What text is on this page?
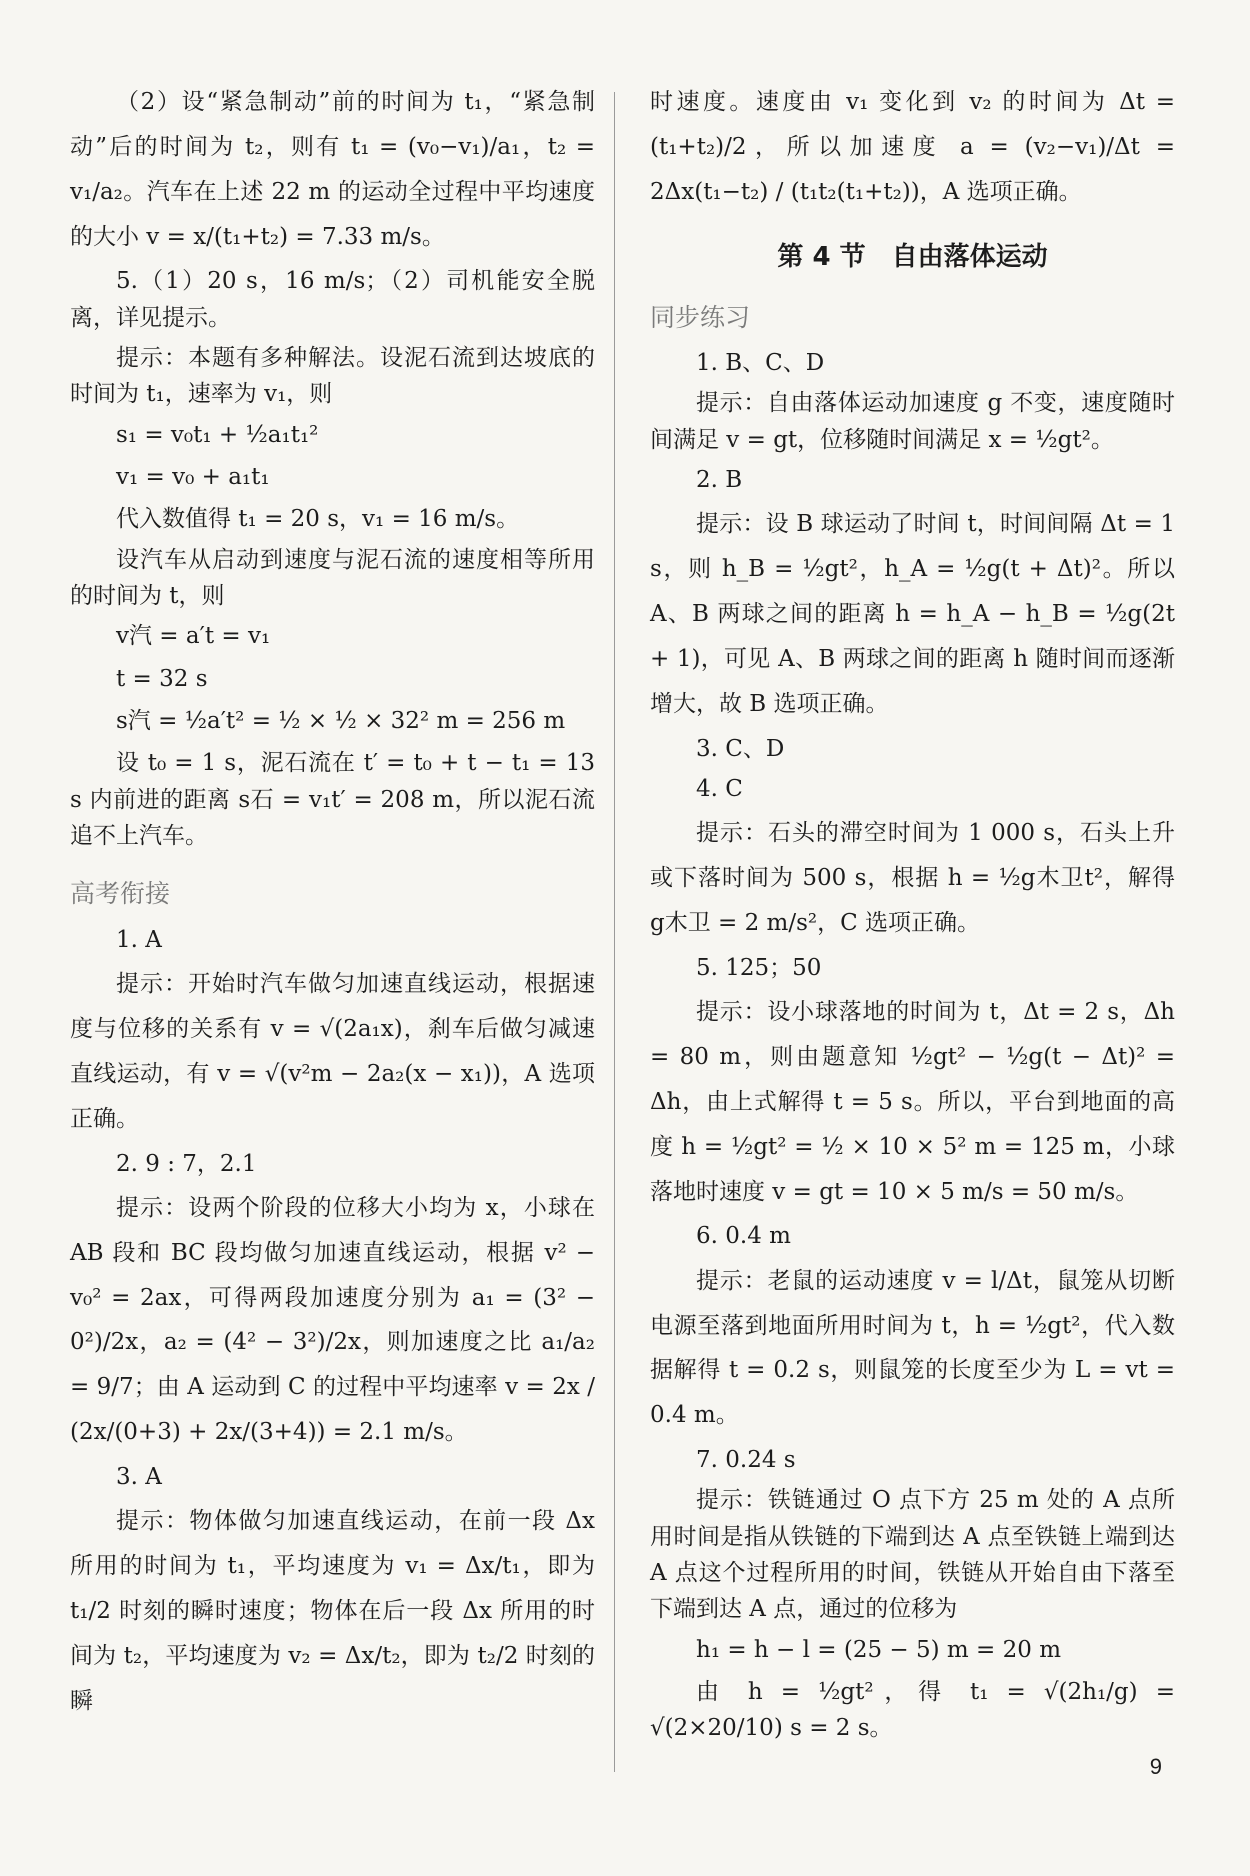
（2）设“紧急制动”前的时间为 t₁，“紧急制动”后的时间为 t₂，则有 t₁ = (v₀−v₁)/a₁，t₂ = v₁/a₂。汽车在上述 22 m 的运动全过程中平均速度的大小 v = x/(t₁+t₂) = 7.33 m/s。

5.（1）20 s，16 m/s；（2）司机能安全脱离，详见提示。

提示：本题有多种解法。设泥石流到达坡底的时间为 t₁，速率为 v₁，则

s₁ = v₀t₁ + ½a₁t₁²

v₁ = v₀ + a₁t₁

代入数值得 t₁ = 20 s，v₁ = 16 m/s。

设汽车从启动到速度与泥石流的速度相等所用的时间为 t，则

v汽 = a′t = v₁

t = 32 s

s汽 = ½a′t² = ½ × ½ × 32² m = 256 m

设 t₀ = 1 s，泥石流在 t′ = t₀ + t − t₁ = 13 s 内前进的距离 s石 = v₁t′ = 208 m，所以泥石流追不上汽车。

高考衔接

1. A

提示：开始时汽车做匀加速直线运动，根据速度与位移的关系有 v = √(2a₁x)，刹车后做匀减速直线运动，有 v = √(v²m − 2a₂(x − x₁))，A 选项正确。

2. 9 : 7，2.1

提示：设两个阶段的位移大小均为 x，小球在 AB 段和 BC 段均做匀加速直线运动，根据 v² − v₀² = 2ax，可得两段加速度分别为 a₁ = (3² − 0²)/2x，a₂ = (4² − 3²)/2x，则加速度之比 a₁/a₂ = 9/7；由 A 运动到 C 的过程中平均速率 v = 2x / (2x/(0+3) + 2x/(3+4)) = 2.1 m/s。

3. A

提示：物体做匀加速直线运动，在前一段 Δx 所用的时间为 t₁，平均速度为 v₁ = Δx/t₁，即为 t₁/2 时刻的瞬时速度；物体在后一段 Δx 所用的时间为 t₂，平均速度为 v₂ = Δx/t₂，即为 t₂/2 时刻的瞬

时速度。速度由 v₁ 变化到 v₂ 的时间为 Δt = (t₁+t₂)/2，所以加速度 a = (v₂−v₁)/Δt = 2Δx(t₁−t₂) / (t₁t₂(t₁+t₂))，A 选项正确。

第 4 节　自由落体运动

同步练习

1. B、C、D

提示：自由落体运动加速度 g 不变，速度随时间满足 v = gt，位移随时间满足 x = ½gt²。

2. B

提示：设 B 球运动了时间 t，时间间隔 Δt = 1 s，则 h_B = ½gt²，h_A = ½g(t + Δt)²。所以 A、B 两球之间的距离 h = h_A − h_B = ½g(2t + 1)，可见 A、B 两球之间的距离 h 随时间而逐渐增大，故 B 选项正确。

3. C、D

4. C

提示：石头的滞空时间为 1 000 s，石头上升或下落时间为 500 s，根据 h = ½g木卫t²，解得 g木卫 = 2 m/s²，C 选项正确。

5. 125；50

提示：设小球落地的时间为 t，Δt = 2 s，Δh = 80 m，则由题意知 ½gt² − ½g(t − Δt)² = Δh，由上式解得 t = 5 s。所以，平台到地面的高度 h = ½gt² = ½ × 10 × 5² m = 125 m，小球落地时速度 v = gt = 10 × 5 m/s = 50 m/s。

6. 0.4 m

提示：老鼠的运动速度 v = l/Δt，鼠笼从切断电源至落到地面所用时间为 t，h = ½gt²，代入数据解得 t = 0.2 s，则鼠笼的长度至少为 L = vt = 0.4 m。

7. 0.24 s

提示：铁链通过 O 点下方 25 m 处的 A 点所用时间是指从铁链的下端到达 A 点至铁链上端到达 A 点这个过程所用的时间，铁链从开始自由下落至下端到达 A 点，通过的位移为

h₁ = h − l = (25 − 5) m = 20 m

由 h = ½gt²，得 t₁ = √(2h₁/g) = √(2×20/10) s = 2 s。

9
